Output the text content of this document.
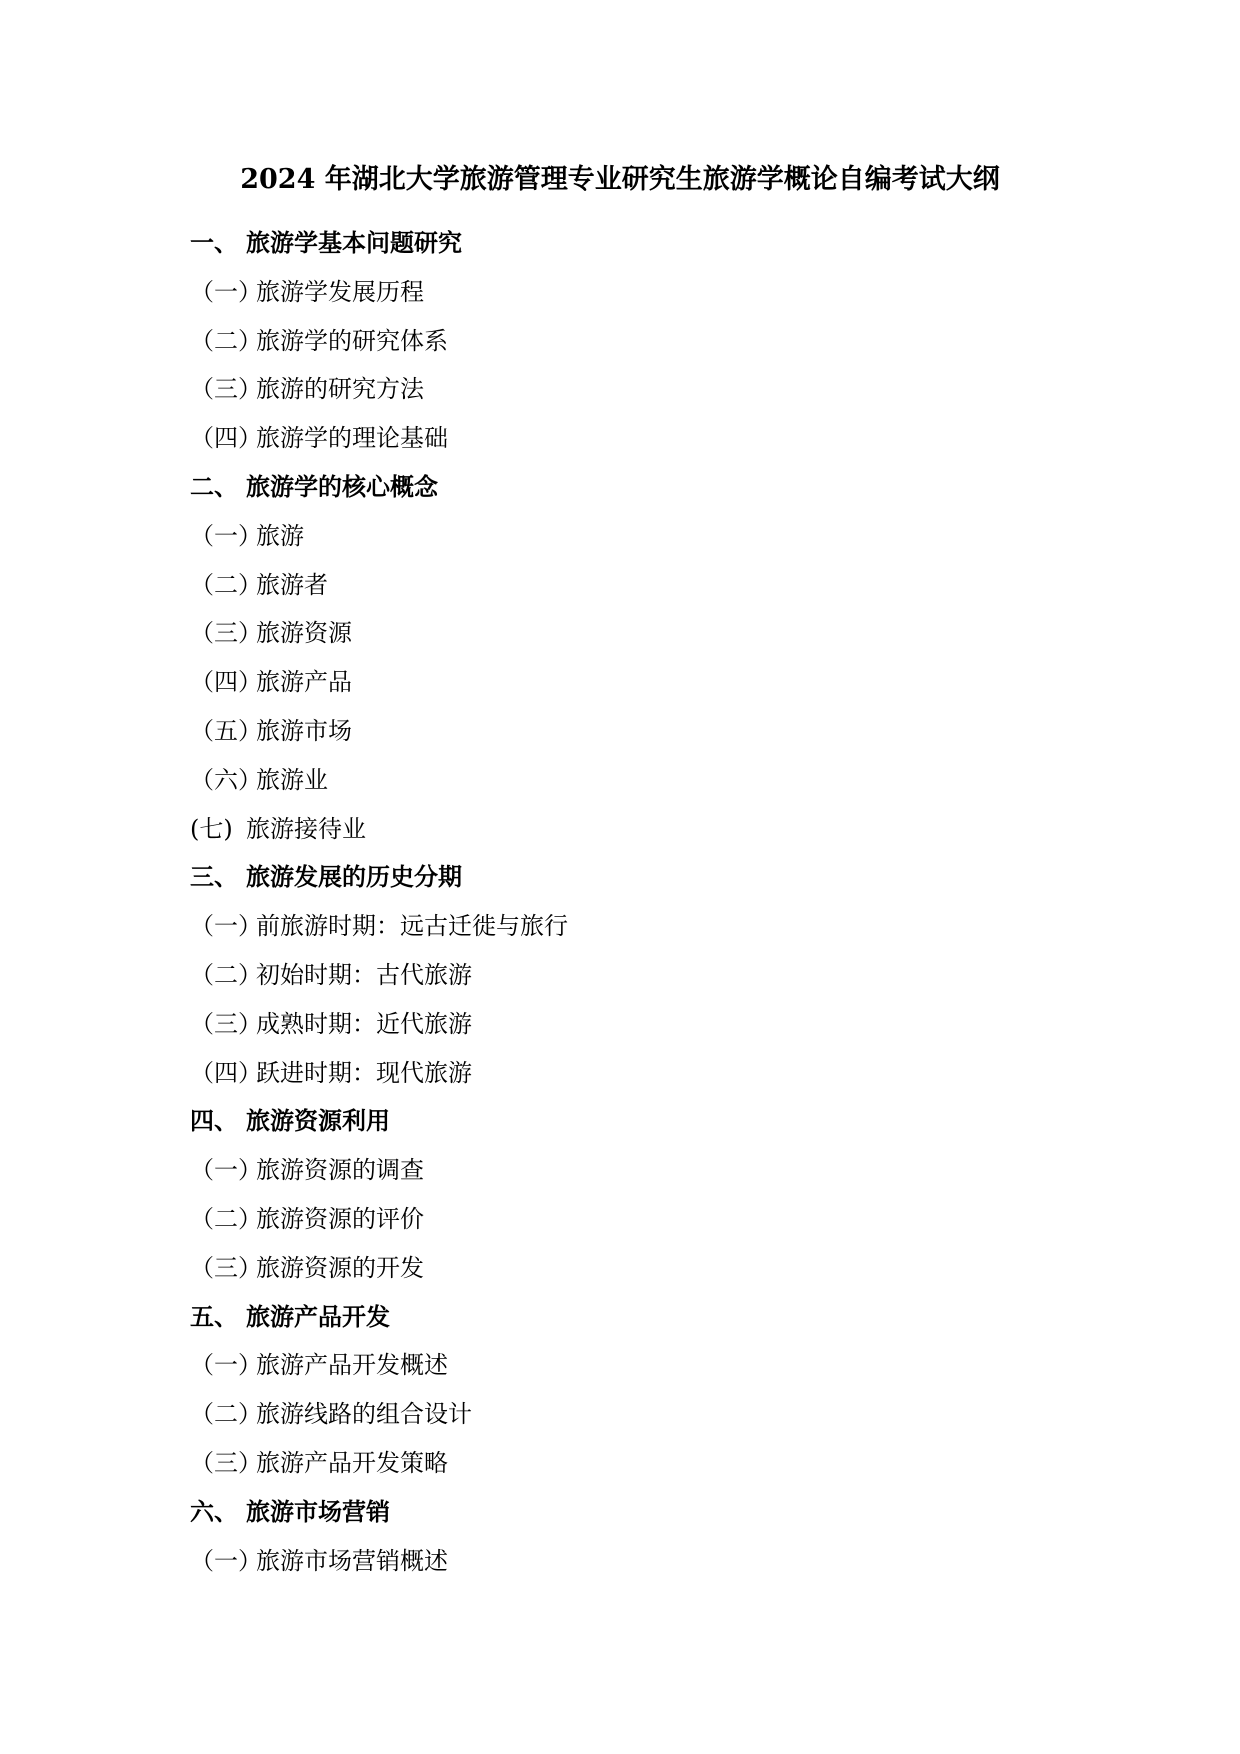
2024 年湖北大学旅游管理专业研究生旅游学概论自编考试大纲
一、 旅游学基本问题研究
（一）旅游学发展历程
（二）旅游学的研究体系
（三）旅游的研究方法
（四）旅游学的理论基础
二、 旅游学的核心概念
（一）旅游
（二）旅游者
（三）旅游资源
（四）旅游产品
（五）旅游市场
（六）旅游业
(七) 旅游接待业
三、 旅游发展的历史分期
（一）前旅游时期：远古迁徙与旅行
（二）初始时期：古代旅游
（三）成熟时期：近代旅游
（四）跃进时期：现代旅游
四、 旅游资源利用
（一）旅游资源的调查
（二）旅游资源的评价
（三）旅游资源的开发
五、 旅游产品开发
（一）旅游产品开发概述
（二）旅游线路的组合设计
（三）旅游产品开发策略
六、 旅游市场营销
（一）旅游市场营销概述
